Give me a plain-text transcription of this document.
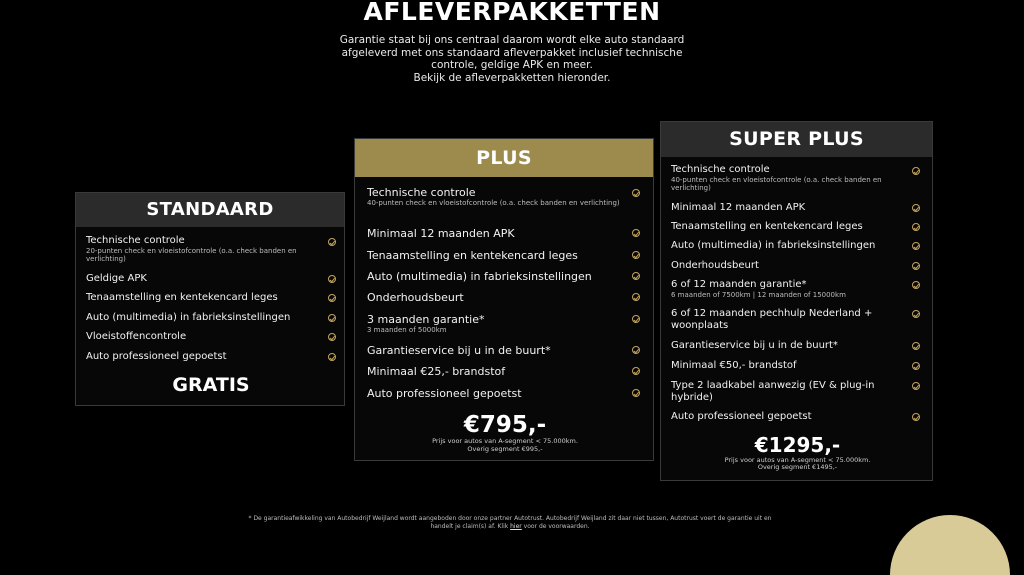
AFLEVERPAKKETTEN
Garantie staat bij ons centraal daarom wordt elke auto standaard
afgeleverd met ons standaard afleverpakket inclusief technische
controle, geldige APK en meer.
Bekijk de afleverpakketten hieronder.
STANDAARD
Technische controle
20-punten check en vloeistofcontrole (o.a. check banden en verlichting)
Geldige APK
Tenaamstelling en kentekencard leges
Auto (multimedia) in fabrieksinstellingen
Vloeistoffencontrole
Auto professioneel gepoetst
GRATIS
PLUS
Technische controle
40-punten check en vloeistofcontrole (o.a. check banden en verlichting)
Minimaal 12 maanden APK
Tenaamstelling en kentekencard leges
Auto (multimedia) in fabrieksinstellingen
Onderhoudsbeurt
3 maanden garantie*
3 maanden of 5000km
Garantieservice bij u in de buurt*
Minimaal €25,- brandstof
Auto professioneel gepoetst
€795,-
Prijs voor autos van A-segment < 75.000km.
Overig segment €995,-
SUPER PLUS
Technische controle
40-punten check en vloeistofcontrole (o.a. check banden en verlichting)
Minimaal 12 maanden APK
Tenaamstelling en kentekencard leges
Auto (multimedia) in fabrieksinstellingen
Onderhoudsbeurt
6 of 12 maanden garantie*
6 maanden of 7500km | 12 maanden of 15000km
6 of 12 maanden pechhulp Nederland + woonplaats
Garantieservice bij u in de buurt*
Minimaal €50,- brandstof
Type 2 laadkabel aanwezig (EV & plug-in hybride)
Auto professioneel gepoetst
€1295,-
Prijs voor autos van A-segment < 75.000km.
Overig segment €1495,-
* De garantieafwikkeling van Autobedrijf Weijland wordt aangeboden door onze partner Autotrust. Autobedrijf Weijland zit daar niet tussen, Autotrust voert de garantie uit en
handelt je claim(s) af. Klik hier voor de voorwaarden.
